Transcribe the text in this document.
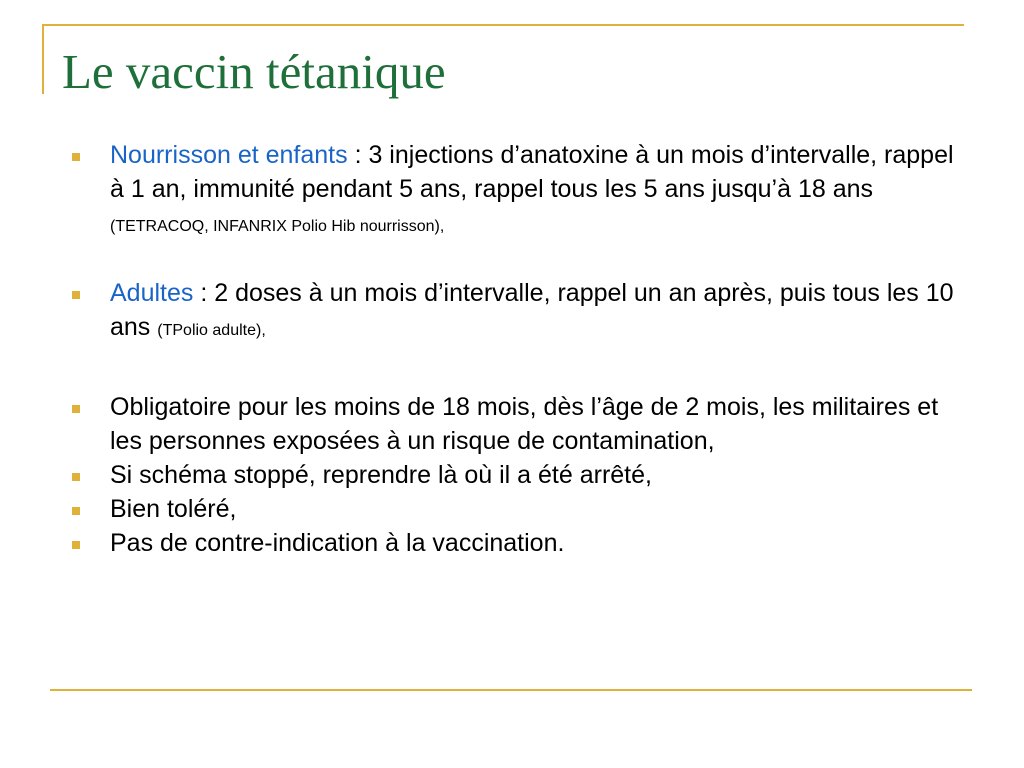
Le vaccin tétanique
Nourrisson et enfants : 3 injections d’anatoxine à un mois d’intervalle, rappel à 1 an, immunité pendant 5 ans, rappel tous les 5 ans jusqu’à 18 ans (TETRACOQ, INFANRIX Polio Hib nourrisson),
Adultes : 2 doses à un mois d’intervalle, rappel un an après, puis tous les 10 ans (TPolio adulte),
Obligatoire pour les moins de 18 mois, dès l’âge de 2 mois, les militaires et les personnes exposées à un risque de contamination,
Si schéma stoppé, reprendre là où il a été arrêté,
Bien toléré,
Pas de contre-indication à la vaccination.
